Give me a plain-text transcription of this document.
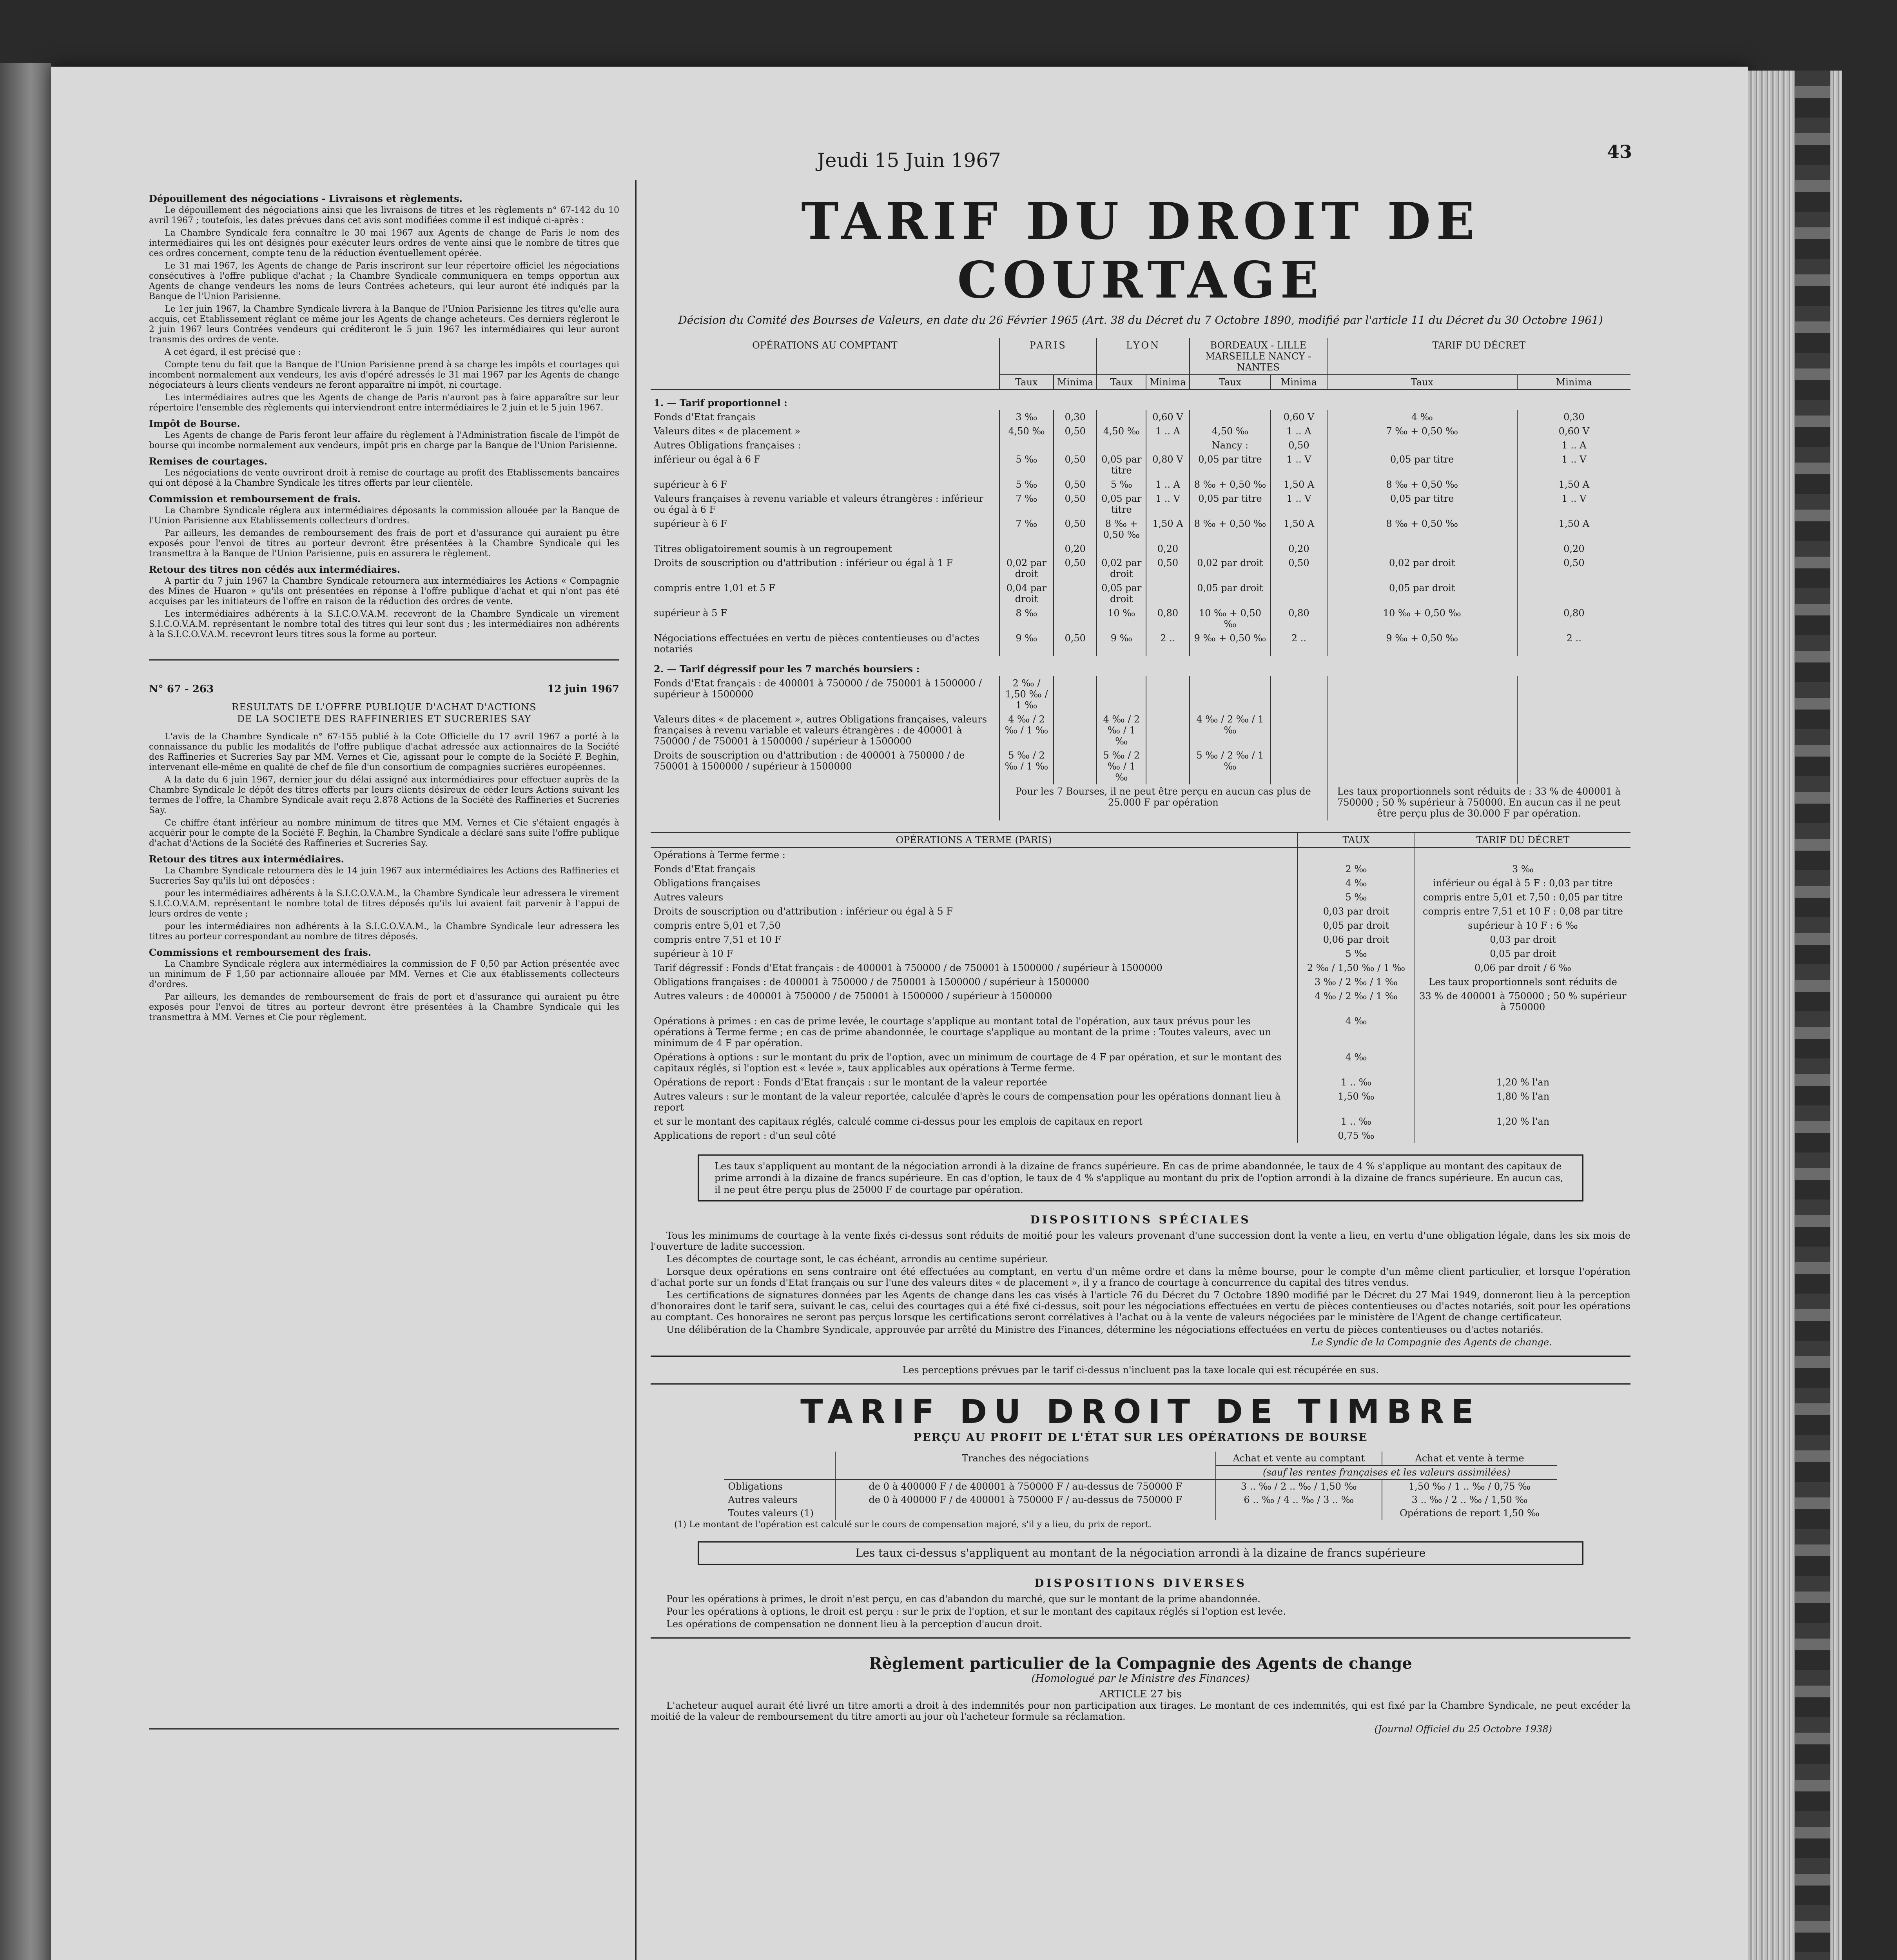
Jeudi 15 Juin 1967	43
Dépouillement des négociations - Livraisons et règlements.

Le dépouillement des négociations ainsi que les livraisons de titres et les règlements n° 67-142 du 10 avril 1967 ; toutefois, les dates prévues dans cet avis sont modifiées comme il est indiqué ci-après :

La Chambre Syndicale fera connaître le 30 mai 1967 aux Agents de change de Paris le nom des intermédiaires qui les ont désignés pour exécuter leurs ordres de vente ainsi que le nombre de titres que ces ordres concernent, compte tenu de la réduction éventuellement opérée.

Le 31 mai 1967, les Agents de change de Paris inscriront sur leur répertoire officiel les négociations consécutives à l'offre publique d'achat ; la Chambre Syndicale communiquera en temps opportun aux Agents de change vendeurs les noms de leurs Contrées acheteurs, qui leur auront été indiqués par la Banque de l'Union Parisienne.

Le 1er juin 1967, la Chambre Syndicale livrera à la Banque de l'Union Parisienne les titres qu'elle aura acquis, cet Etablissement réglant ce même jour les Agents de change acheteurs. Ces derniers régleront le 2 juin 1967 leurs Contrées vendeurs qui créditeront le 5 juin 1967 les intermédiaires qui leur auront transmis des ordres de vente.

A cet égard, il est précisé que :

Compte tenu du fait que la Banque de l'Union Parisienne prend à sa charge les impôts et courtages qui incombent normalement aux vendeurs, les avis d'opéré adressés le 31 mai 1967 par les Agents de change négociateurs à leurs clients vendeurs ne feront apparaître ni impôt, ni courtage.

Les intermédiaires autres que les Agents de change de Paris n'auront pas à faire apparaître sur leur répertoire l'ensemble des règlements qui interviendront entre intermédiaires le 2 juin et le 5 juin 1967.

Impôt de Bourse.

Les Agents de change de Paris feront leur affaire du règlement à l'Administration fiscale de l'impôt de bourse qui incombe normalement aux vendeurs, impôt pris en charge par la Banque de l'Union Parisienne.

Remises de courtages.

Les négociations de vente ouvriront droit à remise de courtage au profit des Etablissements bancaires qui ont déposé à la Chambre Syndicale les titres offerts par leur clientèle.

Commission et remboursement de frais.

La Chambre Syndicale réglera aux intermédiaires déposants la commission allouée par la Banque de l'Union Parisienne aux Etablissements collecteurs d'ordres.

Par ailleurs, les demandes de remboursement des frais de port et d'assurance qui auraient pu être exposés pour l'envoi de titres au porteur devront être présentées à la Chambre Syndicale qui les transmettra à la Banque de l'Union Parisienne, puis en assurera le règlement.

Retour des titres non cédés aux intermédiaires.

A partir du 7 juin 1967 la Chambre Syndicale retournera aux intermédiaires les Actions « Compagnie des Mines de Huaron » qu'ils ont présentées en réponse à l'offre publique d'achat et qui n'ont pas été acquises par les initiateurs de l'offre en raison de la réduction des ordres de vente.

Les intermédiaires adhérents à la S.I.C.O.V.A.M. recevront de la Chambre Syndicale un virement S.I.C.O.V.A.M. représentant le nombre total des titres qui leur sont dus ; les intermédiaires non adhérents à la S.I.C.O.V.A.M. recevront leurs titres sous la forme au porteur.

N° 67 - 263	12 juin 1967
RESULTATS DE L'OFFRE PUBLIQUE D'ACHAT D'ACTIONS
DE LA SOCIETE DES RAFFINERIES ET SUCRERIES SAY

L'avis de la Chambre Syndicale n° 67-155 publié à la Cote Officielle du 17 avril 1967 a porté à la connaissance du public les modalités de l'offre publique d'achat adressée aux actionnaires de la Société des Raffineries et Sucreries Say par MM. Vernes et Cie, agissant pour le compte de la Société F. Beghin, intervenant elle-même en qualité de chef de file d'un consortium de compagnies sucrières européennes.

A la date du 6 juin 1967, dernier jour du délai assigné aux intermédiaires pour effectuer auprès de la Chambre Syndicale le dépôt des titres offerts par leurs clients désireux de céder leurs Actions suivant les termes de l'offre, la Chambre Syndicale avait reçu 2.878 Actions de la Société des Raffineries et Sucreries Say.

Ce chiffre étant inférieur au nombre minimum de titres que MM. Vernes et Cie s'étaient engagés à acquérir pour le compte de la Société F. Beghin, la Chambre Syndicale a déclaré sans suite l'offre publique d'achat d'Actions de la Société des Raffineries et Sucreries Say.

Retour des titres aux intermédiaires.

La Chambre Syndicale retournera dès le 14 juin 1967 aux intermédiaires les Actions des Raffineries et Sucreries Say qu'ils lui ont déposées :

pour les intermédiaires adhérents à la S.I.C.O.V.A.M., la Chambre Syndicale leur adressera le virement S.I.C.O.V.A.M. représentant le nombre total de titres déposés qu'ils lui avaient fait parvenir à l'appui de leurs ordres de vente ;

pour les intermédiaires non adhérents à la S.I.C.O.V.A.M., la Chambre Syndicale leur adressera les titres au porteur correspondant au nombre de titres déposés.

Commissions et remboursement des frais.

La Chambre Syndicale réglera aux intermédiaires la commission de F 0,50 par Action présentée avec un minimum de F 1,50 par actionnaire allouée par MM. Vernes et Cie aux établissements collecteurs d'ordres.

Par ailleurs, les demandes de remboursement de frais de port et d'assurance qui auraient pu être exposés pour l'envoi de titres au porteur devront être présentées à la Chambre Syndicale qui les transmettra à MM. Vernes et Cie pour règlement.

TARIF DU DROIT DE COURTAGE
Décision du Comité des Bourses de Valeurs, en date du 26 Février 1965 (Art. 38 du Décret du 7 Octobre 1890, modifié par l'article 11 du Décret du 30 Octobre 1961)
OPÉRATIONS AU COMPTANT	PARIS		LYON		BORDEAUX - LILLE MARSEILLE NANCY - NANTES		TARIF DU DÉCRET	
	Taux	Minima	Taux	Minima	Taux	Minima	Taux	Minima
1. — Tarif proportionnel :								
Fonds d'Etat français	3 ‰	0,30		0,60 V		0,60 V	4 ‰	0,30
Valeurs dites « de placement »	4,50 ‰	0,50	4,50 ‰	1 .. A	4,50 ‰	1 .. A	7 ‰ + 0,50 ‰	0,60 V
Autres Obligations françaises :					Nancy :	0,50		1 .. A
inférieur ou égal à 6 F	5 ‰	0,50	0,05 par titre	0,80 V	0,05 par titre	1 .. V	0,05 par titre	1 .. V
supérieur à 6 F	5 ‰	0,50	5 ‰	1 .. A	8 ‰ + 0,50 ‰	1,50 A	8 ‰ + 0,50 ‰	1,50 A
Valeurs françaises à revenu variable et valeurs étrangères : inférieur ou égal à 6 F	7 ‰	0,50	0,05 par titre	1 .. V	0,05 par titre	1 .. V	0,05 par titre	1 .. V
supérieur à 6 F	7 ‰	0,50	8 ‰ + 0,50 ‰	1,50 A	8 ‰ + 0,50 ‰	1,50 A	8 ‰ + 0,50 ‰	1,50 A
Titres obligatoirement soumis à un regroupement		0,20		0,20		0,20		0,20
Droits de souscription ou d'attribution : inférieur ou égal à 1 F	0,02 par droit	0,50	0,02 par droit	0,50	0,02 par droit	0,50	0,02 par droit	0,50
compris entre 1,01 et 5 F	0,04 par droit		0,05 par droit		0,05 par droit		0,05 par droit	
supérieur à 5 F	8 ‰		10 ‰	0,80	10 ‰ + 0,50 ‰	0,80	10 ‰ + 0,50 ‰	0,80
Négociations effectuées en vertu de pièces contentieuses ou d'actes notariés	9 ‰	0,50	9 ‰	2 ..	9 ‰ + 0,50 ‰	2 ..	9 ‰ + 0,50 ‰	2 ..
2. — Tarif dégressif pour les 7 marchés boursiers :								
Fonds d'Etat français : de 400001 à 750000 / de 750001 à 1500000 / supérieur à 1500000	2 ‰ / 1,50 ‰ / 1 ‰							
Valeurs dites « de placement », autres Obligations françaises, valeurs françaises à revenu variable et valeurs étrangères : de 400001 à 750000 / de 750001 à 1500000 / supérieur à 1500000	4 ‰ / 2 ‰ / 1 ‰		4 ‰ / 2 ‰ / 1 ‰		4 ‰ / 2 ‰ / 1 ‰			
Droits de souscription ou d'attribution : de 400001 à 750000 / de 750001 à 1500000 / supérieur à 1500000	5 ‰ / 2 ‰ / 1 ‰		5 ‰ / 2 ‰ / 1 ‰		5 ‰ / 2 ‰ / 1 ‰			
	Pour les 7 Bourses, il ne peut être perçu en aucun cas plus de 25.000 F par opération						Les taux proportionnels sont réduits de : 33 % de 400001 à 750000 ; 50 % supérieur à 750000. En aucun cas il ne peut être perçu plus de 30.000 F par opération.	
OPÉRATIONS A TERME (PARIS)	TAUX	TARIF DU DÉCRET
Opérations à Terme ferme :		
Fonds d'Etat français	2 ‰	3 ‰
Obligations françaises	4 ‰	inférieur ou égal à 5 F : 0,03 par titre
Autres valeurs	5 ‰	compris entre 5,01 et 7,50 : 0,05 par titre
Droits de souscription ou d'attribution : inférieur ou égal à 5 F	0,03 par droit	compris entre 7,51 et 10 F : 0,08 par titre
compris entre 5,01 et 7,50	0,05 par droit	supérieur à 10 F : 6 ‰
compris entre 7,51 et 10 F	0,06 par droit	0,03 par droit
supérieur à 10 F	5 ‰	0,05 par droit
Tarif dégressif : Fonds d'Etat français : de 400001 à 750000 / de 750001 à 1500000 / supérieur à 1500000	2 ‰ / 1,50 ‰ / 1 ‰	0,06 par droit / 6 ‰
Obligations françaises : de 400001 à 750000 / de 750001 à 1500000 / supérieur à 1500000	3 ‰ / 2 ‰ / 1 ‰	Les taux proportionnels sont réduits de
Autres valeurs : de 400001 à 750000 / de 750001 à 1500000 / supérieur à 1500000	4 ‰ / 2 ‰ / 1 ‰	33 % de 400001 à 750000 ; 50 % supérieur à 750000
Opérations à primes : en cas de prime levée, le courtage s'applique au montant total de l'opération, aux taux prévus pour les opérations à Terme ferme ; en cas de prime abandonnée, le courtage s'applique au montant de la prime : Toutes valeurs, avec un minimum de 4 F par opération.	4 ‰	
Opérations à options : sur le montant du prix de l'option, avec un minimum de courtage de 4 F par opération, et sur le montant des capitaux réglés, si l'option est « levée », taux applicables aux opérations à Terme ferme.	4 ‰	
Opérations de report : Fonds d'Etat français : sur le montant de la valeur reportée	1 .. ‰	1,20 % l'an
Autres valeurs : sur le montant de la valeur reportée, calculée d'après le cours de compensation pour les opérations donnant lieu à report	1,50 ‰	1,80 % l'an
et sur le montant des capitaux réglés, calculé comme ci-dessus pour les emplois de capitaux en report	1 .. ‰	1,20 % l'an
Applications de report : d'un seul côté	0,75 ‰	
Les taux s'appliquent au montant de la négociation arrondi à la dizaine de francs supérieure. En cas de prime abandonnée, le taux de 4 % s'applique au montant des capitaux de prime arrondi à la dizaine de francs supérieure. En cas d'option, le taux de 4 % s'applique au montant du prix de l'option arrondi à la dizaine de francs supérieure. En aucun cas, il ne peut être perçu plus de 25000 F de courtage par opération.
DISPOSITIONS SPÉCIALES

Tous les minimums de courtage à la vente fixés ci-dessus sont réduits de moitié pour les valeurs provenant d'une succession dont la vente a lieu, en vertu d'une obligation légale, dans les six mois de l'ouverture de ladite succession.

Les décomptes de courtage sont, le cas échéant, arrondis au centime supérieur.

Lorsque deux opérations en sens contraire ont été effectuées au comptant, en vertu d'un même ordre et dans la même bourse, pour le compte d'un même client particulier, et lorsque l'opération d'achat porte sur un fonds d'Etat français ou sur l'une des valeurs dites « de placement », il y a franco de courtage à concurrence du capital des titres vendus.

Les certifications de signatures données par les Agents de change dans les cas visés à l'article 76 du Décret du 7 Octobre 1890 modifié par le Décret du 27 Mai 1949, donneront lieu à la perception d'honoraires dont le tarif sera, suivant le cas, celui des courtages qui a été fixé ci-dessus, soit pour les négociations effectuées en vertu de pièces contentieuses ou d'actes notariés, soit pour les opérations au comptant. Ces honoraires ne seront pas perçus lorsque les certifications seront corrélatives à l'achat ou à la vente de valeurs négociées par le ministère de l'Agent de change certificateur.

Une délibération de la Chambre Syndicale, approuvée par arrêté du Ministre des Finances, détermine les négociations effectuées en vertu de pièces contentieuses ou d'actes notariés.

Le Syndic de la Compagnie des Agents de change.
Les perceptions prévues par le tarif ci-dessus n'incluent pas la taxe locale qui est récupérée en sus.
TARIF DU DROIT DE TIMBRE
PERÇU AU PROFIT DE L'ÉTAT SUR LES OPÉRATIONS DE BOURSE
	Tranches des négociations	Achat et vente au comptant	Achat et vente à terme
		(sauf les rentes françaises et les valeurs assimilées)	
Obligations	de 0 à 400000 F / de 400001 à 750000 F / au-dessus de 750000 F	3 .. ‰ / 2 .. ‰ / 1,50 ‰	1,50 ‰ / 1 .. ‰ / 0,75 ‰
Autres valeurs	de 0 à 400000 F / de 400001 à 750000 F / au-dessus de 750000 F	6 .. ‰ / 4 .. ‰ / 3 .. ‰	3 .. ‰ / 2 .. ‰ / 1,50 ‰
Toutes valeurs (1)			Opérations de report 1,50 ‰
(1) Le montant de l'opération est calculé sur le cours de compensation majoré, s'il y a lieu, du prix de report.
Les taux ci-dessus s'appliquent au montant de la négociation arrondi à la dizaine de francs supérieure
DISPOSITIONS DIVERSES

Pour les opérations à primes, le droit n'est perçu, en cas d'abandon du marché, que sur le montant de la prime abandonnée.

Pour les opérations à options, le droit est perçu : sur le prix de l'option, et sur le montant des capitaux réglés si l'option est levée.

Les opérations de compensation ne donnent lieu à la perception d'aucun droit.

Règlement particulier de la Compagnie des Agents de change
(Homologué par le Ministre des Finances)
ARTICLE 27 bis

L'acheteur auquel aurait été livré un titre amorti a droit à des indemnités pour non participation aux tirages. Le montant de ces indemnités, qui est fixé par la Chambre Syndicale, ne peut excéder la moitié de la valeur de remboursement du titre amorti au jour où l'acheteur formule sa réclamation.

(Journal Officiel du 25 Octobre 1938)
